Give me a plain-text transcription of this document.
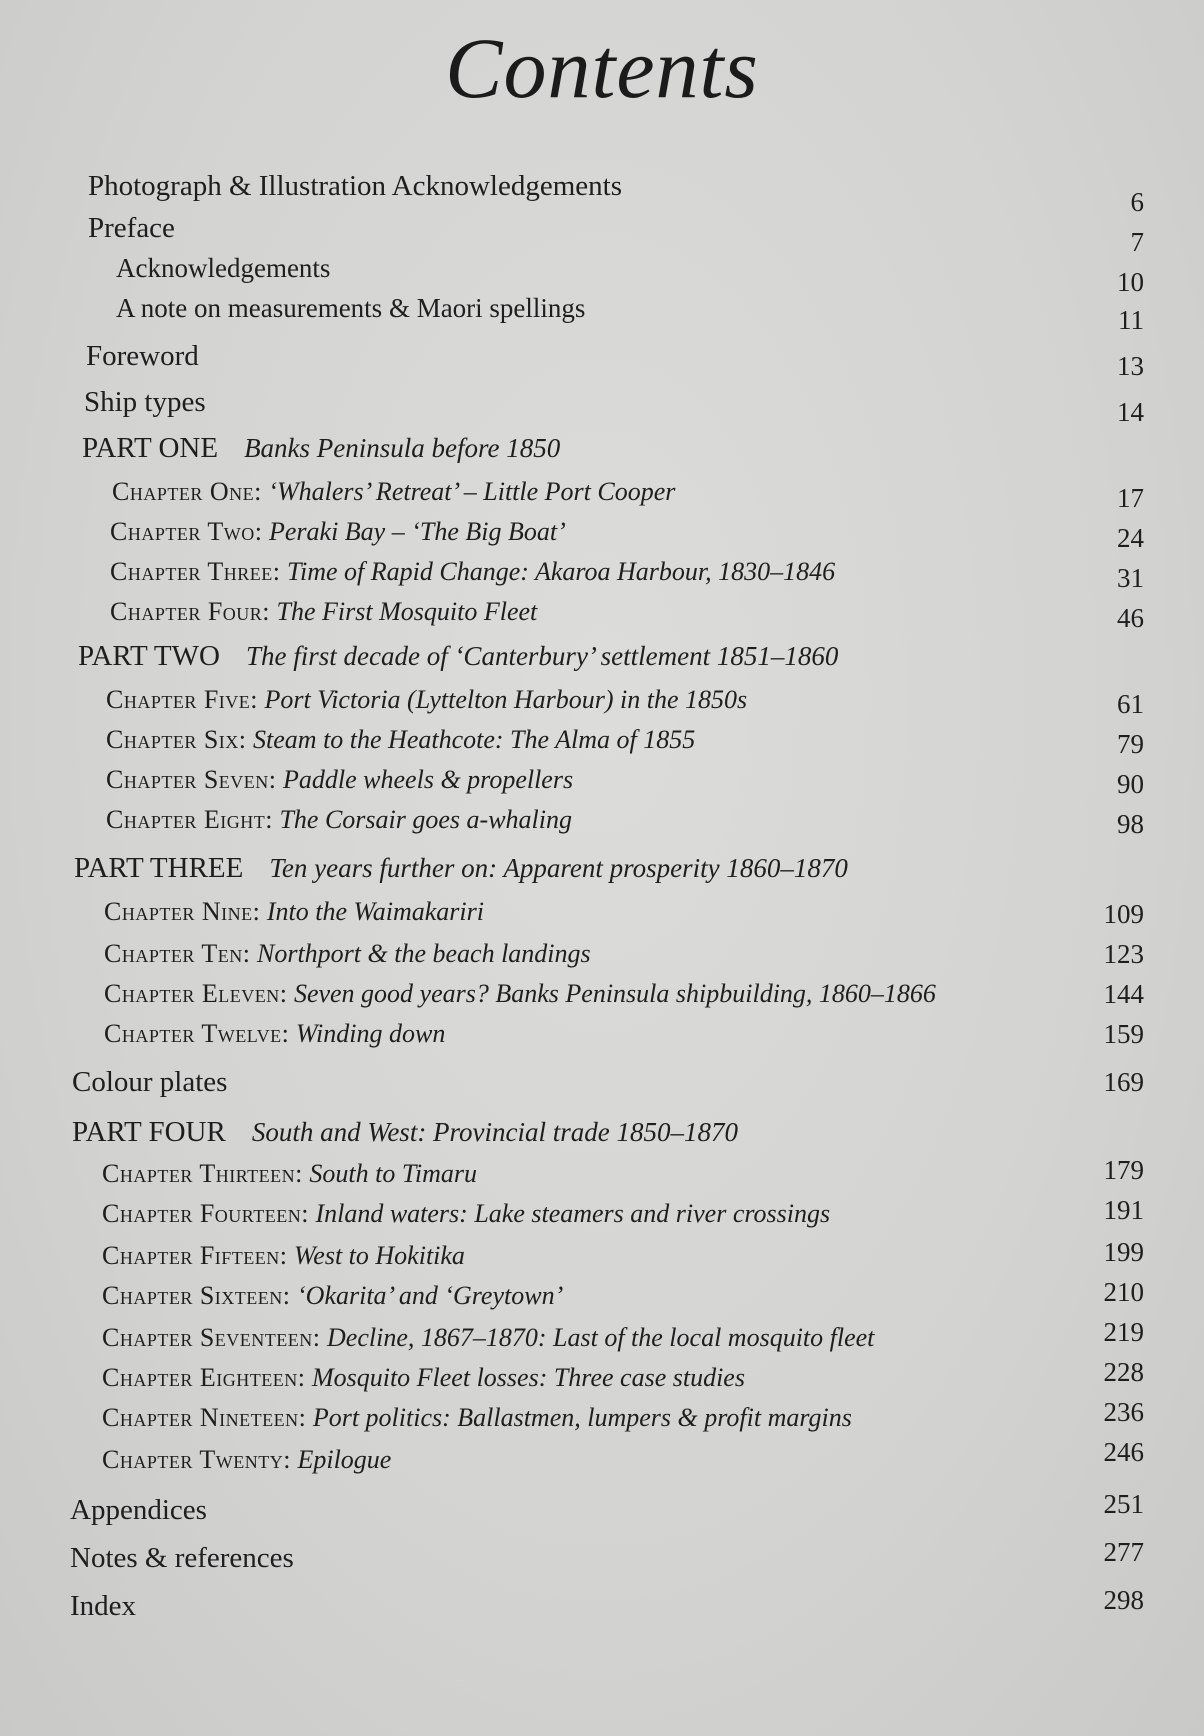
Contents
Photograph & Illustration Acknowledgements	6
Preface	7
Acknowledgements	10
A note on measurements & Maori spellings	11
Foreword	13
Ship types	14
PART ONE Banks Peninsula before 1850
Chapter One: ‘Whalers’ Retreat’ – Little Port Cooper	17
Chapter Two: Peraki Bay – ‘The Big Boat’	24
Chapter Three: Time of Rapid Change: Akaroa Harbour, 1830–1846	31
Chapter Four: The First Mosquito Fleet	46
PART TWO The first decade of ‘Canterbury’ settlement 1851–1860
Chapter Five: Port Victoria (Lyttelton Harbour) in the 1850s	61
Chapter Six: Steam to the Heathcote: The Alma of 1855	79
Chapter Seven: Paddle wheels & propellers	90
Chapter Eight: The Corsair goes a-whaling	98
PART THREE Ten years further on: Apparent prosperity 1860–1870
Chapter Nine: Into the Waimakariri	109
Chapter Ten: Northport & the beach landings	123
Chapter Eleven: Seven good years? Banks Peninsula shipbuilding, 1860–1866	144
Chapter Twelve: Winding down	159
Colour plates	169
PART FOUR South and West: Provincial trade 1850–1870
Chapter Thirteen: South to Timaru	179
Chapter Fourteen: Inland waters: Lake steamers and river crossings	191
Chapter Fifteen: West to Hokitika	199
Chapter Sixteen: ‘Okarita’ and ‘Greytown’	210
Chapter Seventeen: Decline, 1867–1870: Last of the local mosquito fleet	219
Chapter Eighteen: Mosquito Fleet losses: Three case studies	228
Chapter Nineteen: Port politics: Ballastmen, lumpers & profit margins	236
Chapter Twenty: Epilogue	246
Appendices	251
Notes & references	277
Index	298
